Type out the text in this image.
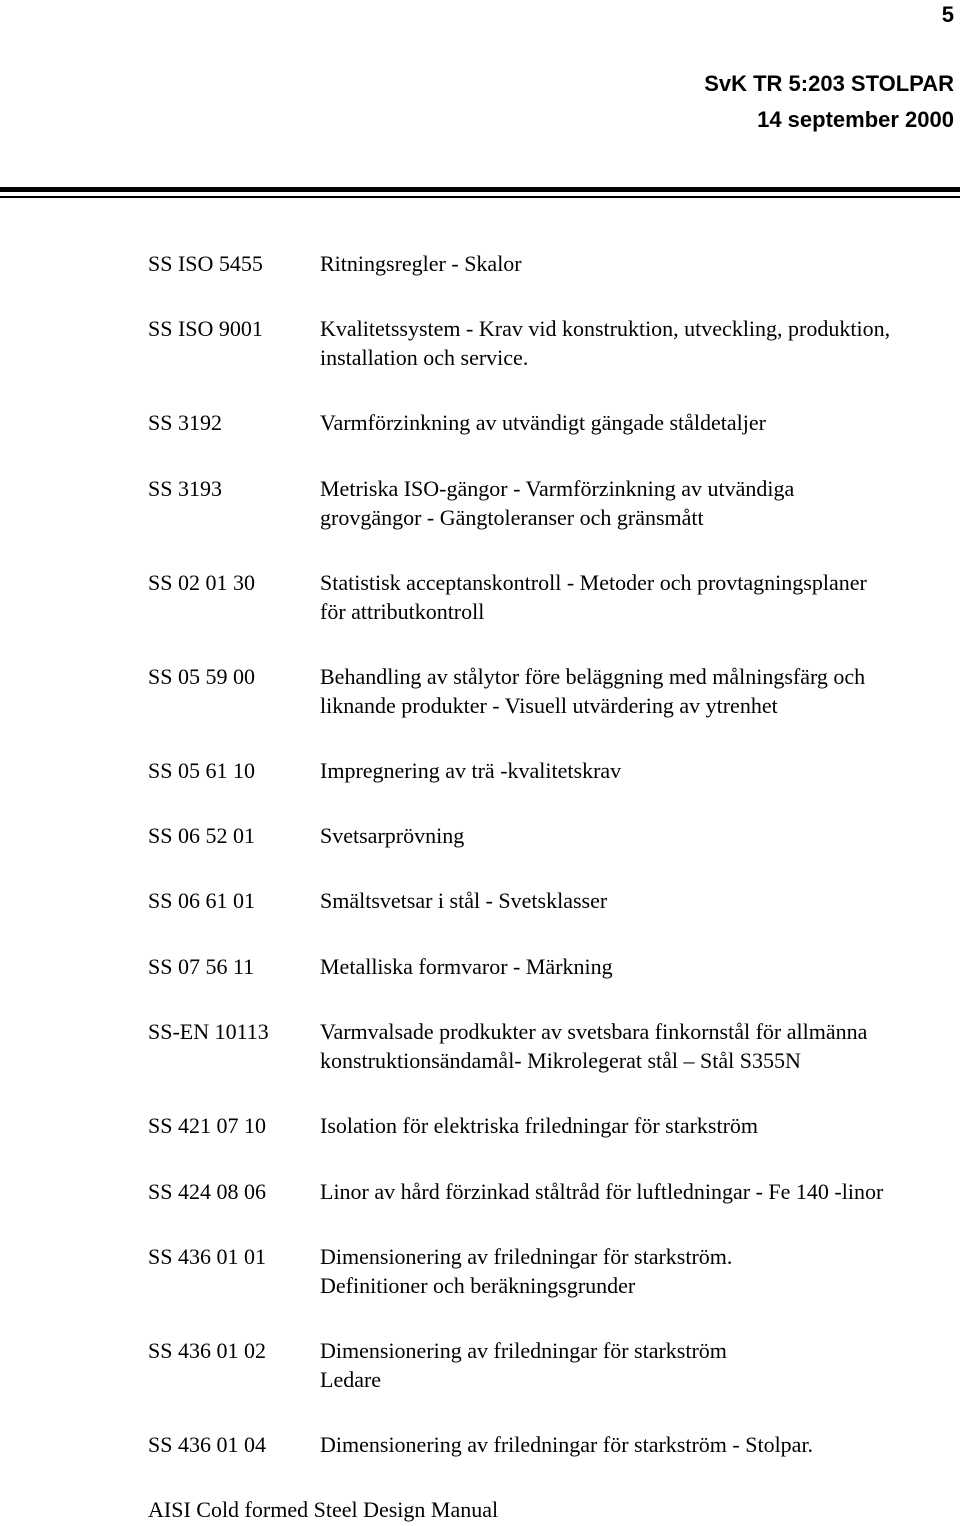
5
SvK TR 5:203 STOLPAR
14 september 2000
SS ISO 5455	Ritningsregler - Skalor
SS ISO 9001	Kvalitetssystem - Krav vid konstruktion, utveckling, produktion,
installation och service.
SS 3192	Varmförzinkning av utvändigt gängade ståldetaljer
SS 3193	Metriska ISO-gängor - Varmförzinkning av utvändiga
grovgängor - Gängtoleranser och gränsmått
SS 02 01 30	Statistisk acceptanskontroll - Metoder och provtagningsplaner
för attributkontroll
SS 05 59 00	Behandling av stålytor före beläggning med målningsfärg och
liknande produkter - Visuell utvärdering av ytrenhet
SS 05 61 10	Impregnering av trä -kvalitetskrav
SS 06 52 01	Svetsarprövning
SS 06 61 01	Smältsvetsar i stål - Svetsklasser
SS 07 56 11	Metalliska formvaror - Märkning
SS-EN 10113 Varmvalsade prodkukter av svetsbara finkornstål för allmänna
konstruktionsändamål- Mikrolegerat stål – Stål S355N
SS 421 07 10 Isolation för elektriska friledningar för starkström
SS 424 08 06 Linor av hård förzinkad ståltråd för luftledningar - Fe 140 -linor
SS 436 01 01 Dimensionering av friledningar för starkström.
Definitioner och beräkningsgrunder
SS 436 01 02 Dimensionering av friledningar för starkström
Ledare
SS 436 01 04 Dimensionering av friledningar för starkström - Stolpar.
AISI Cold formed Steel Design Manual
